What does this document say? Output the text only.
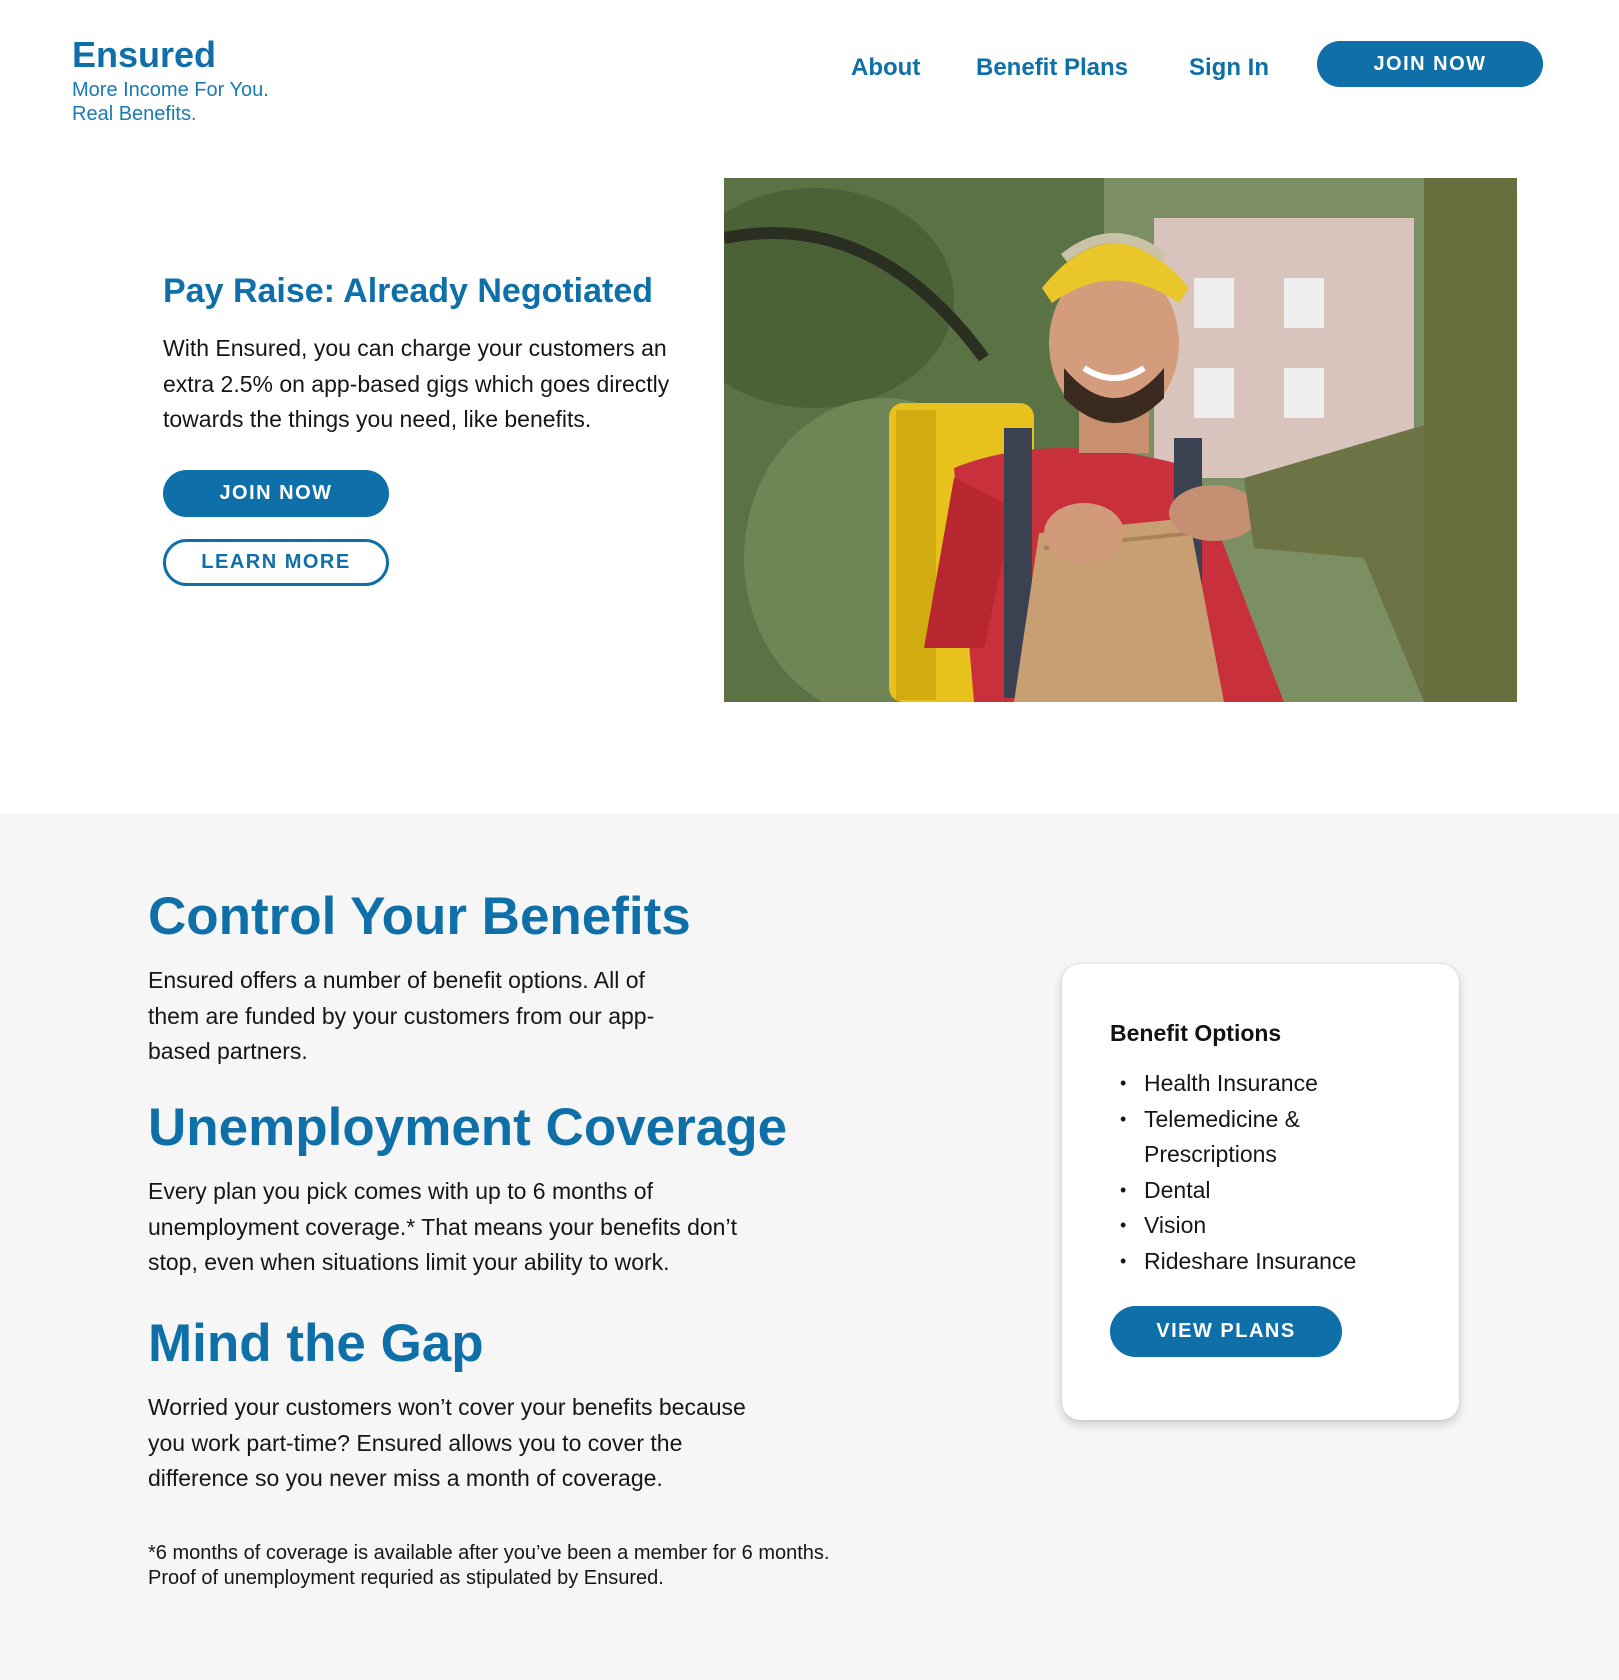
Ensured
More Income For You.
Real Benefits.
About Benefit Plans	Sign In	JOIN NOW
Pay Raise: Already Negotiated
With Ensured, you can charge your customers an extra 2.5% on app-based gigs which goes directly towards the things you need, like benefits.
JOIN NOW
LEARN MORE
Control Your Benefits
Ensured offers a number of benefit options. All of them are funded by your customers from our app-based partners.
Unemployment Coverage
Every plan you pick comes with up to 6 months of unemployment coverage.* That means your benefits don’t stop, even when situations limit your ability to work.
Mind the Gap
Worried your customers won’t cover your benefits because you work part-time? Ensured allows you to cover the difference so you never miss a month of coverage.
*6 months of coverage is available after you’ve been a member for 6 months.
Proof of unemployment requried as stipulated by Ensured.
Benefit Options
• Health Insurance
• Telemedicine & Prescriptions
• Dental
• Vision
• Rideshare Insurance
VIEW PLANS
